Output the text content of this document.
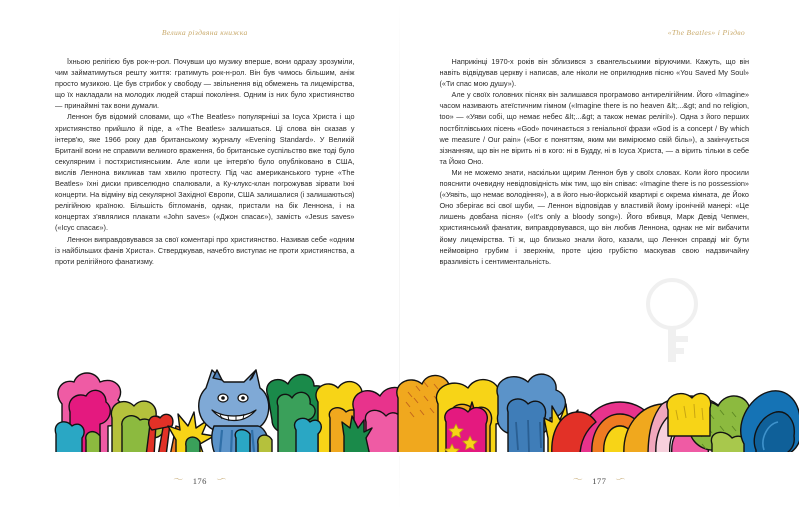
Велика різдвяна книжка

Їхньою релігією був рок-н-рол. Почувши цю музику вперше, вони одразу зрозуміли, чим займатимуться решту життя: гратимуть рок-н-рол. Він був чимось більшим, аніж просто музикою. Це був стрибок у свободу — звільнення від обмежень та лицемірства, що їх накладали на молодих людей старші покоління. Одним із них було християнство — принаймні так вони думали.

Леннон був відомий словами, що «The Beatles» популярніші за Ісуса Христа і що християнство прийшло й піде, а «The Beatles» залишаться. Ці слова він сказав у інтерв'ю, яке 1966 року дав британському журналу «Evening Standard». У Великій Британії вони не справили великого враження, бо британське суспільство вже тоді було секулярним і постхристиянським. Але коли це інтерв'ю було опубліковано в США, вислів Леннона викликав там хвилю протесту. Під час американського турне «The Beatles» їхні диски привселюдно спалювали, а Ку-клукс-клан погрожував зірвати їхні концерти. На відміну від секулярної Західної Європи, США залишалися (і залишаються) релігійною країною. Більшість бітломанів, однак, пристали на бік Леннона, і на концертах з'являлися плакати «John saves» («Джон спасає»), замість «Jesus saves» («Ісус спасає»).

Леннон виправдовувався за свої коментарі про християнство. Називав себе «одним із найбільших фанів Христа». Стверджував, начебто виступає не проти християнства, а проти релігійного фанатизму.

〜 176 〜
«The Beatles» і Різдво

Наприкінці 1970-х років він зблизився з євангельськими віруючими. Кажуть, що він навіть відвідував церкву і написав, але ніколи не оприлюднив пісню «You Saved My Soul» («Ти спас мою душу»).

Але у своїх головних піснях він залишався програмово антирелігійним. Його «Imagine» часом називають атеїстичним гімном («Imagine there is no heaven &lt;...&gt; and no religion, too» — «Уяви собі, що немає небес &lt;...&gt; а також немає релігії»). Одна з його перших постбітлівських пісень «God» починається з геніальної фрази «God is a concept / By which we measure / Our pain» («Бог є поняттям, яким ми вимірюємо свій біль»), а закінчується зізнанням, що він не вірить ні в кого: ні в Будду, ні в Ісуса Христа, — а вірить тільки в себе та Йоко Оно.

Ми не можемо знати, наскільки щирим Леннон був у своїх словах. Коли його просили пояснити очевидну невідповідність між тим, що він співає: «Imagine there is no possession» («Уявіть, що немає володіння»), а в його нью-йоркській квартирі є окрема кімната, де Йоко Оно зберігає всі свої шуби, — Леннон відповідав у властивій йому іронічній манері: «Це лишень довбана пісня» («It's only a bloody song»). Його вбивця, Марк Девід Чепмен, християнський фанатик, виправдовувався, що він любив Леннона, однак не міг вибачити йому лицемірства. Ті ж, що близько знали його, казали, що Леннон справді міг бути неймовірно грубим і зверхнім, проте цією грубістю маскував свою надзвичайну вразливість і сентиментальність.

〜 177 〜
